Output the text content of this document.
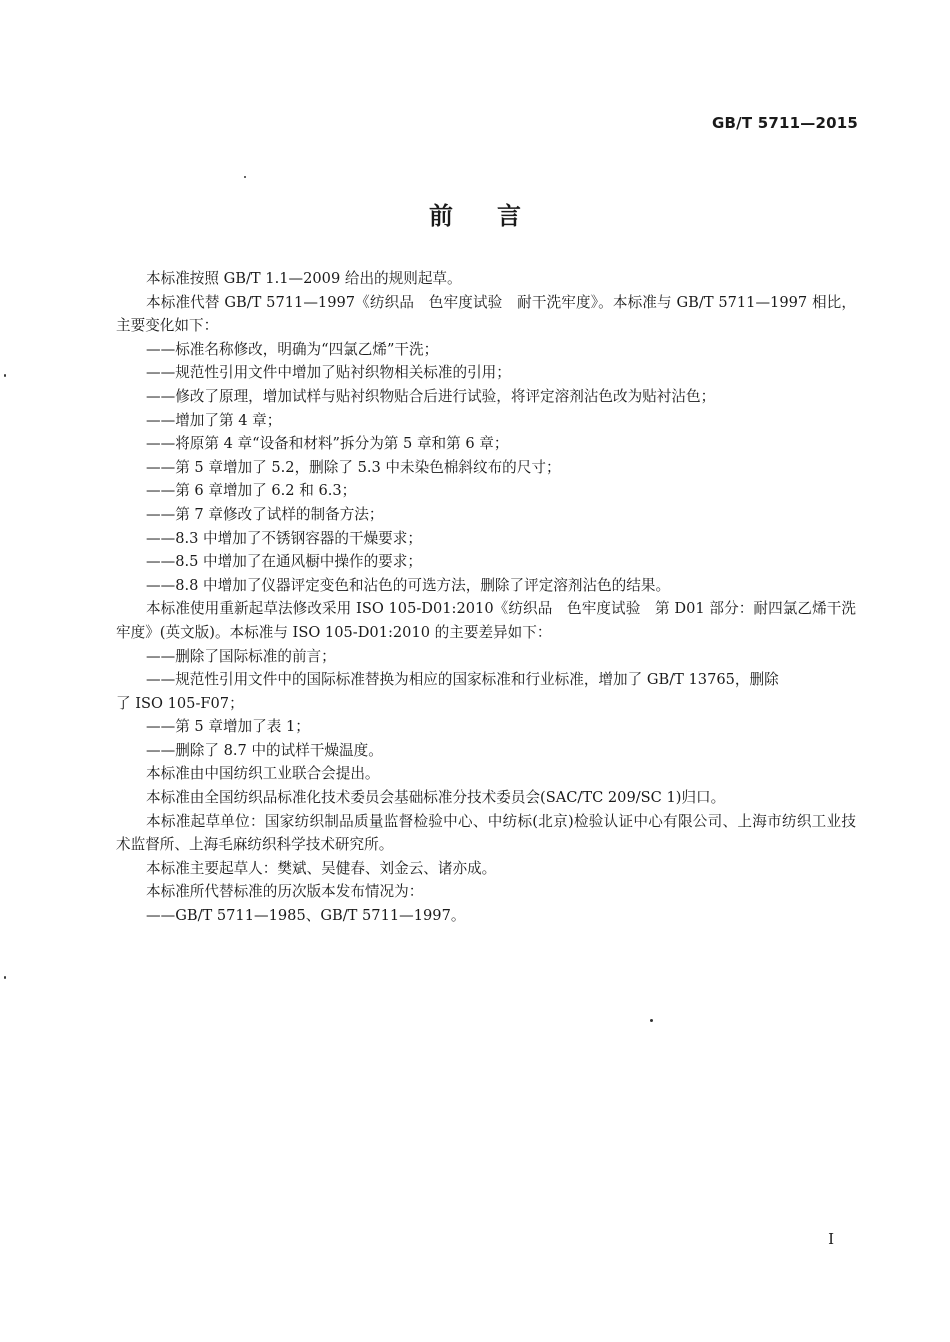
GB/T 5711—2015
前言
本标准按照 GB/T 1.1—2009 给出的规则起草。
本标准代替 GB/T 5711—1997《纺织品　色牢度试验　耐干洗牢度》。本标准与 GB/T 5711—1997 相比，主要变化如下：
——标准名称修改，明确为“四氯乙烯”干洗；
——规范性引用文件中增加了贴衬织物相关标准的引用；
——修改了原理，增加试样与贴衬织物贴合后进行试验，将评定溶剂沾色改为贴衬沾色；
——增加了第 4 章；
——将原第 4 章“设备和材料”拆分为第 5 章和第 6 章；
——第 5 章增加了 5.2，删除了 5.3 中未染色棉斜纹布的尺寸；
——第 6 章增加了 6.2 和 6.3；
——第 7 章修改了试样的制备方法；
——8.3 中增加了不锈钢容器的干燥要求；
——8.5 中增加了在通风橱中操作的要求；
——8.8 中增加了仪器评定变色和沾色的可选方法，删除了评定溶剂沾色的结果。
本标准使用重新起草法修改采用 ISO 105-D01:2010《纺织品　色牢度试验　第 D01 部分：耐四氯乙烯干洗牢度》(英文版)。本标准与 ISO 105-D01:2010 的主要差异如下：
——删除了国际标准的前言；
——规范性引用文件中的国际标准替换为相应的国家标准和行业标准，增加了 GB/T 13765，删除
了 ISO 105-F07；
——第 5 章增加了表 1；
——删除了 8.7 中的试样干燥温度。
本标准由中国纺织工业联合会提出。
本标准由全国纺织品标准化技术委员会基础标准分技术委员会(SAC/TC 209/SC 1)归口。
本标准起草单位：国家纺织制品质量监督检验中心、中纺标(北京)检验认证中心有限公司、上海市纺织工业技术监督所、上海毛麻纺织科学技术研究所。
本标准主要起草人：樊斌、吴健春、刘金云、诸亦成。
本标准所代替标准的历次版本发布情况为：
——GB/T 5711—1985、GB/T 5711—1997。
I
